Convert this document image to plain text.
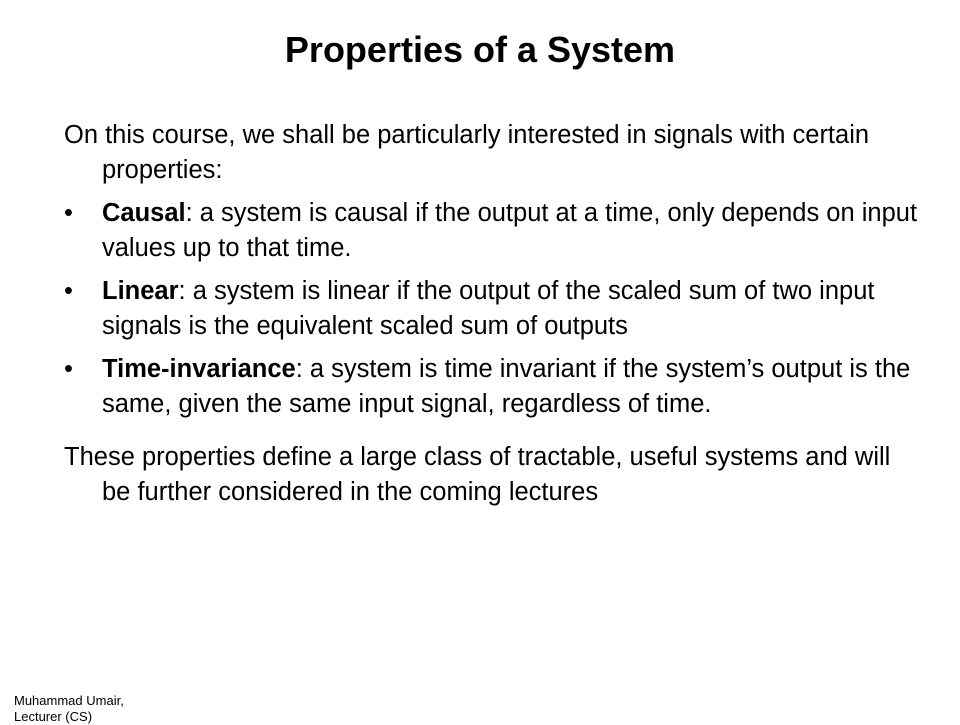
Properties of a System

On this course, we shall be particularly interested in signals with certain properties:

•	Causal: a system is causal if the output at a time, only depends on input values up to that time.
•	Linear: a system is linear if the output of the scaled sum of two input signals is the equivalent scaled sum of outputs
•	Time-invariance: a system is time invariant if the system’s output is the same, given the same input signal, regardless of time.

These properties define a large class of tractable, useful systems and will be further considered in the coming lectures

Muhammad Umair,
Lecturer (CS)
